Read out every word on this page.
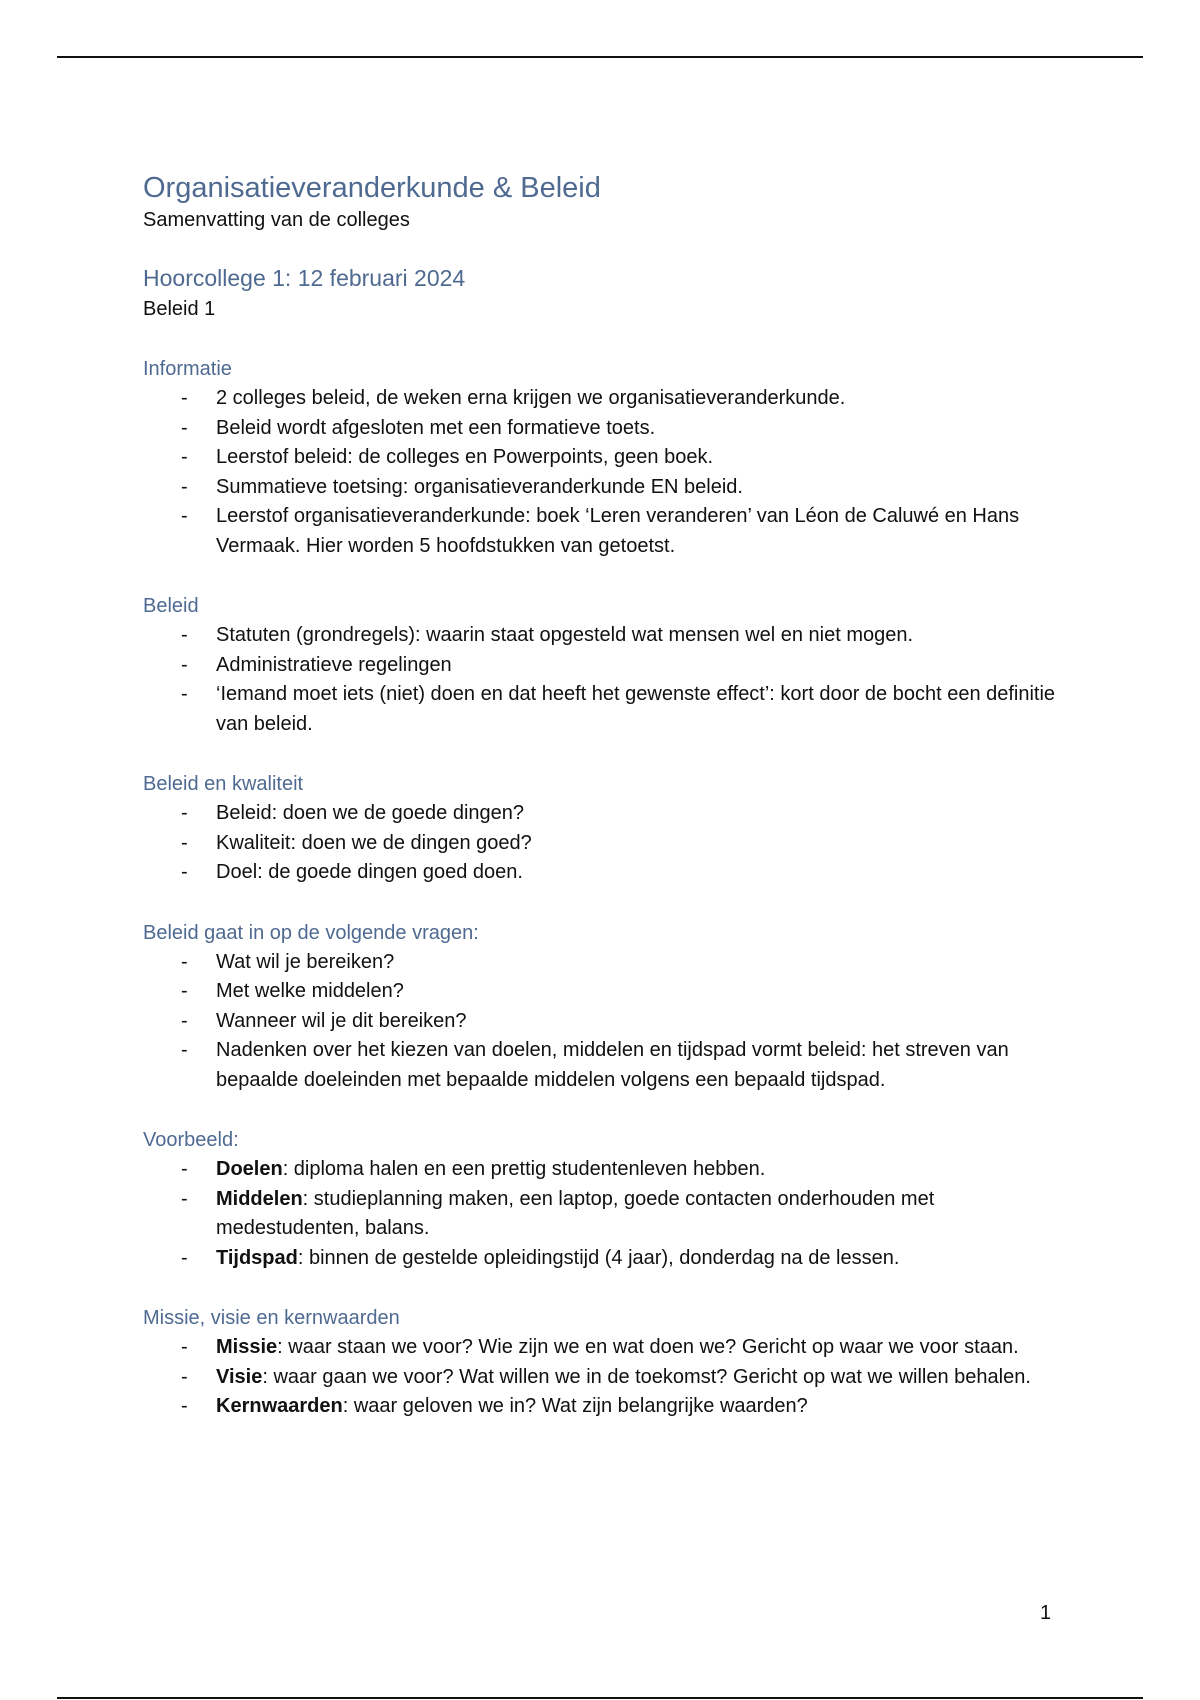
Organisatieveranderkunde & Beleid

Samenvatting van de colleges

Hoorcollege 1: 12 februari 2024

Beleid 1

Informatie
- 2 colleges beleid, de weken erna krijgen we organisatieveranderkunde.
- Beleid wordt afgesloten met een formatieve toets.
- Leerstof beleid: de colleges en Powerpoints, geen boek.
- Summatieve toetsing: organisatieveranderkunde EN beleid.
- Leerstof organisatieveranderkunde: boek ‘Leren veranderen’ van Léon de Caluwé en Hans Vermaak. Hier worden 5 hoofdstukken van getoetst.
Beleid
- Statuten (grondregels): waarin staat opgesteld wat mensen wel en niet mogen.
- Administratieve regelingen
- ‘Iemand moet iets (niet) doen en dat heeft het gewenste effect’: kort door de bocht een definitie van beleid.
Beleid en kwaliteit
- Beleid: doen we de goede dingen?
- Kwaliteit: doen we de dingen goed?
- Doel: de goede dingen goed doen.
Beleid gaat in op de volgende vragen:
- Wat wil je bereiken?
- Met welke middelen?
- Wanneer wil je dit bereiken?
- Nadenken over het kiezen van doelen, middelen en tijdspad vormt beleid: het streven van bepaalde doeleinden met bepaalde middelen volgens een bepaald tijdspad.
Voorbeeld:
- Doelen: diploma halen en een prettig studentenleven hebben.
- Middelen: studieplanning maken, een laptop, goede contacten onderhouden met medestudenten, balans.
- Tijdspad: binnen de gestelde opleidingstijd (4 jaar), donderdag na de lessen.
Missie, visie en kernwaarden
- Missie: waar staan we voor? Wie zijn we en wat doen we? Gericht op waar we voor staan.
- Visie: waar gaan we voor? Wat willen we in de toekomst? Gericht op wat we willen behalen.
- Kernwaarden: waar geloven we in? Wat zijn belangrijke waarden?
1
